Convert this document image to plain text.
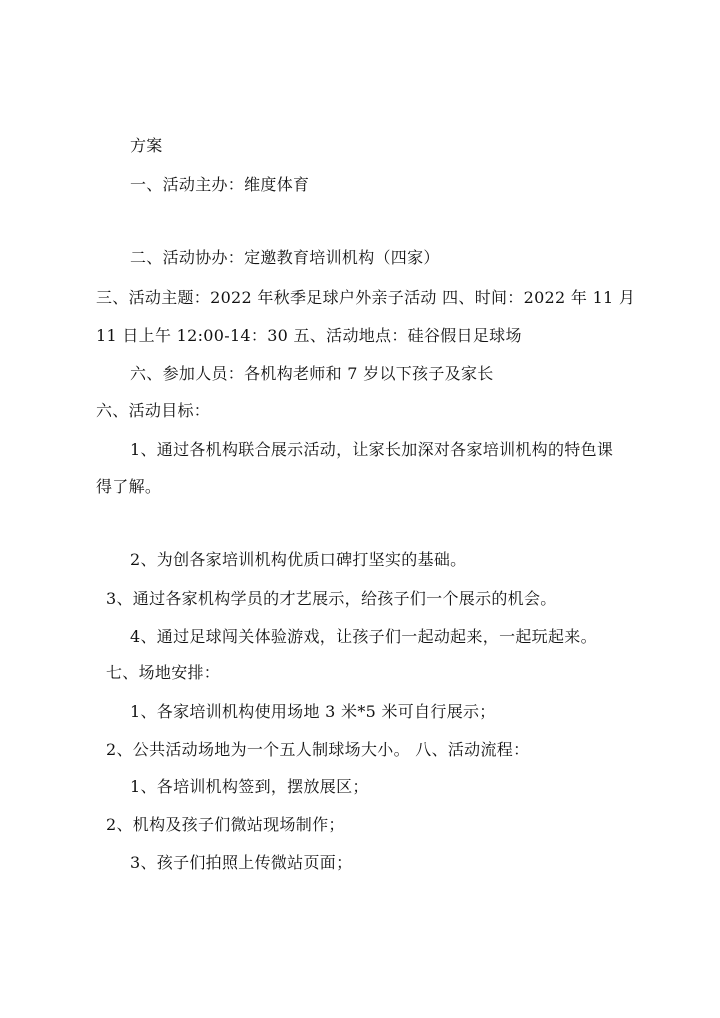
方案
一、活动主办：维度体育
二、活动协办：定邀教育培训机构（四家）
三、活动主题：2022 年秋季足球户外亲子活动 四、时间：2022 年 11 月
11 日上午 12:00-14：30 五、活动地点：硅谷假日足球场
六、参加人员：各机构老师和 7 岁以下孩子及家长
六、活动目标：
1、通过各机构联合展示活动，让家长加深对各家培训机构的特色课
得了解。
2、为创各家培训机构优质口碑打坚实的基础。
3、通过各家机构学员的才艺展示，给孩子们一个展示的机会。
4、通过足球闯关体验游戏，让孩子们一起动起来，一起玩起来。
七、场地安排：
1、各家培训机构使用场地 3 米*5 米可自行展示；
2、公共活动场地为一个五人制球场大小。 八、活动流程：
1、各培训机构签到，摆放展区；
2、机构及孩子们微站现场制作；
3、孩子们拍照上传微站页面；
